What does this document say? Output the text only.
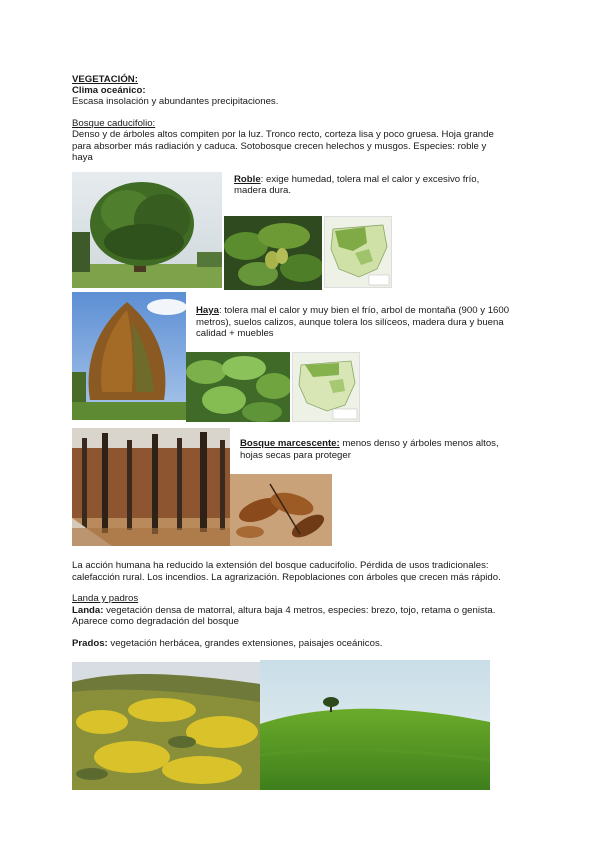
VEGETACIÓN:
Clima oceánico:
Escasa insolación y abundantes precipitaciones.
Bosque caducifolio:
Denso y de árboles altos compiten por la luz. Tronco recto, corteza lisa y poco gruesa. Hoja grande
para absorber más radiación y caduca. Sotobosque crecen helechos y musgos. Especies: roble y
haya
Roble: exige humedad, tolera mal el calor y excesivo frío,
madera dura.
Haya: tolera mal el calor y muy bien el frío, arbol de montaña (900 y 1600
metros), suelos calizos, aunque tolera los silíceos, madera dura y buena
calidad + muebles
Bosque marcescente: menos denso y árboles menos altos,
hojas secas para proteger
La acción humana ha reducido la extensión del bosque caducifolio. Pérdida de usos tradicionales:
calefacción rural. Los incendios. La agrarización. Repoblaciones con árboles que crecen más rápido.
Landa y padros
Landa: vegetación densa de matorral, altura baja 4 metros, especies: brezo, tojo, retama o genista.
Aparece como degradación del bosque
Prados: vegetación herbácea, grandes extensiones, paisajes oceánicos.
